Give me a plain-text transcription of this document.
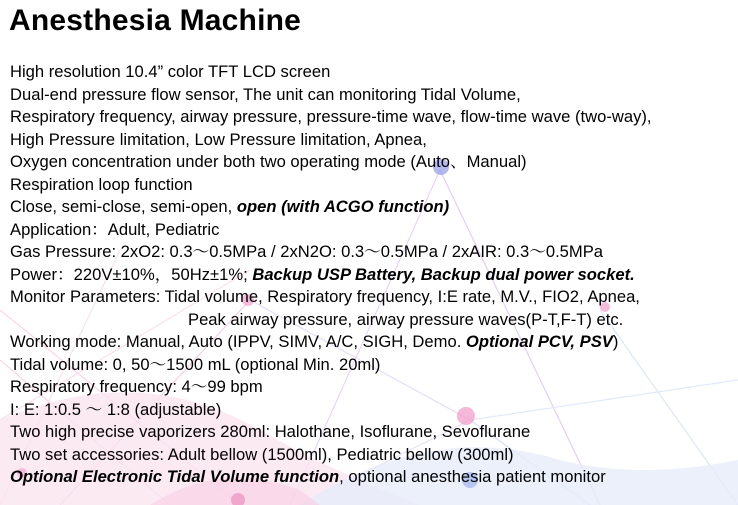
Anesthesia Machine
High resolution 10.4” color TFT LCD screen
Dual-end pressure flow sensor, The unit can monitoring Tidal Volume,
Respiratory frequency, airway pressure, pressure-time wave, flow-time wave (two-way),
High Pressure limitation, Low Pressure limitation, Apnea,
Oxygen concentration under both two operating mode (Auto、Manual)
Respiration loop function
Close, semi-close, semi-open, open (with ACGO function)
Application：Adult, Pediatric
Gas Pressure: 2xO2: 0.3～0.5MPa / 2xN2O: 0.3～0.5MPa / 2xAIR: 0.3～0.5MPa
Power：220V±10%，50Hz±1%; Backup USP Battery, Backup dual power socket.
Monitor Parameters: Tidal volume, Respiratory frequency, I:E rate, M.V., FIO2, Apnea,
Peak airway pressure, airway pressure waves(P-T,F-T) etc.
Working mode: Manual, Auto (IPPV, SIMV, A/C, SIGH, Demo. Optional PCV, PSV)
Tidal volume: 0, 50～1500 mL (optional Min. 20ml)
Respiratory frequency: 4～99 bpm
I: E: 1:0.5 ～ 1:8 (adjustable)
Two high precise vaporizers 280ml: Halothane, Isoflurane, Sevoflurane
Two set accessories: Adult bellow (1500ml), Pediatric bellow (300ml)
Optional Electronic Tidal Volume function, optional anesthesia patient monitor
